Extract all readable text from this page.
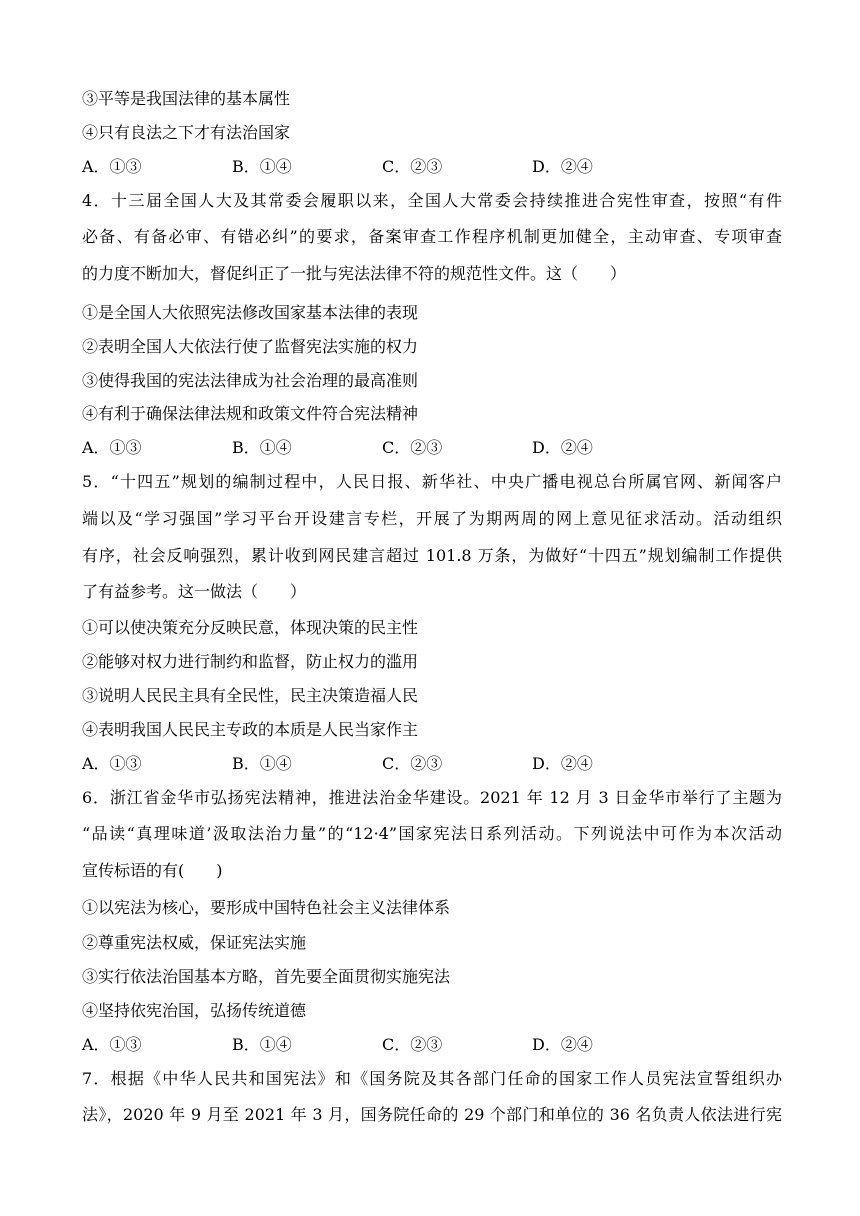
③平等是我国法律的基本属性
④只有良法之下才有法治国家
A．①③	B．①④	C．②③	D．②④
4．十三届全国人大及其常委会履职以来，全国人大常委会持续推进合宪性审查，按照“有件
必备、有备必审、有错必纠”的要求，备案审查工作程序机制更加健全，主动审查、专项审查
的力度不断加大，督促纠正了一批与宪法法律不符的规范性文件。这（　　）
①是全国人大依照宪法修改国家基本法律的表现
②表明全国人大依法行使了监督宪法实施的权力
③使得我国的宪法法律成为社会治理的最高准则
④有利于确保法律法规和政策文件符合宪法精神
A．①③	B．①④	C．②③	D．②④
5．“十四五”规划的编制过程中，人民日报、新华社、中央广播电视总台所属官网、新闻客户
端以及“学习强国”学习平台开设建言专栏，开展了为期两周的网上意见征求活动。活动组织
有序，社会反响强烈，累计收到网民建言超过 101.8 万条，为做好“十四五”规划编制工作提供
了有益参考。这一做法（　　）
①可以使决策充分反映民意，体现决策的民主性
②能够对权力进行制约和监督，防止权力的滥用
③说明人民民主具有全民性，民主决策造福人民
④表明我国人民民主专政的本质是人民当家作主
A．①③	B．①④	C．②③	D．②④
6．浙江省金华市弘扬宪法精神，推进法治金华建设。2021 年 12 月 3 日金华市举行了主题为
“品读“真理味道’汲取法治力量”的“12·4”国家宪法日系列活动。下列说法中可作为本次活动
宣传标语的有(　　)
①以宪法为核心，要形成中国特色社会主义法律体系
②尊重宪法权威，保证宪法实施
③实行依法治国基本方略，首先要全面贯彻实施宪法
④坚持依宪治国，弘扬传统道德
A．①③	B．①④	C．②③	D．②④
7．根据《中华人民共和国宪法》和《国务院及其各部门任命的国家工作人员宪法宣誓组织办
法》，2020 年 9 月至 2021 年 3 月，国务院任命的 29 个部门和单位的 36 名负责人依法进行宪
